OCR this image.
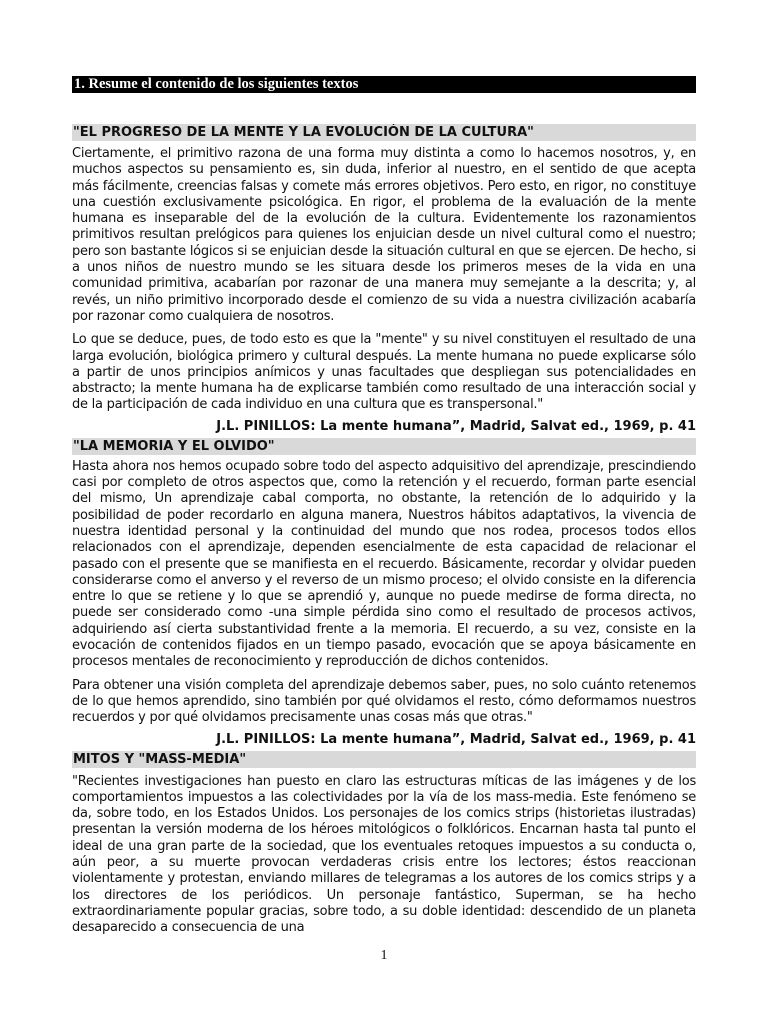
1. Resume el contenido de los siguientes textos
"EL PROGRESO DE LA MENTE Y LA EVOLUCIÓN DE LA CULTURA"

Ciertamente, el primitivo razona de una forma muy distinta a como lo hacemos nosotros, y, en muchos aspectos su pensamiento es, sin duda, inferior al nuestro, en el sentido de que acepta más fácilmente, creencias falsas y comete más errores objetivos. Pero esto, en rigor, no constituye una cuestión exclusivamente psicológica. En rigor, el problema de la evaluación de la mente humana es inseparable del de la evolución de la cultura. Evidentemente los razonamientos primitivos resultan prelógicos para quienes los enjuician desde un nivel cultural como el nuestro; pero son bastante lógicos si se enjuician desde la situación cultural en que se ejercen. De hecho, si a unos niños de nuestro mundo se les situara desde los primeros meses de la vida en una comunidad primitiva, acabarían por razonar de una manera muy semejante a la descrita; y, al revés, un niño primitivo incorporado desde el comienzo de su vida a nuestra civilización acabaría por razonar como cualquiera de nosotros.

Lo que se deduce, pues, de todo esto es que la "mente" y su nivel constituyen el resultado de una larga evolución, biológica primero y cultural después. La mente humana no puede explicarse sólo a partir de unos principios anímicos y unas facultades que despliegan sus potencialidades en abstracto; la mente humana ha de explicarse también como resultado de una interacción social y de la participación de cada individuo en una cultura que es transpersonal."

J.L. PINILLOS: La mente humana”, Madrid, Salvat ed., 1969, p. 41

"LA MEMORIA Y EL OLVIDO"

Hasta ahora nos hemos ocupado sobre todo del aspecto adquisitivo del aprendizaje, prescindiendo casi por completo de otros aspectos que, como la retención y el recuerdo, forman parte esencial del mismo, Un aprendizaje cabal comporta, no obstante, la retención de lo adquirido y la posibilidad de poder recordarlo en alguna manera, Nuestros hábitos adaptativos, la vivencia de nuestra identidad personal y la continuidad del mundo que nos rodea, procesos todos ellos relacionados con el aprendizaje, dependen esencialmente de esta capacidad de relacionar el pasado con el presente que se manifiesta en el recuerdo. Básicamente, recordar y olvidar pueden considerarse como el anverso y el reverso de un mismo proceso; el olvido consiste en la diferencia entre lo que se retiene y lo que se aprendió y, aunque no puede medirse de forma directa, no puede ser considerado como -una simple pérdida sino como el resultado de procesos activos, adquiriendo así cierta substantividad frente a la memoria. El recuerdo, a su vez, consiste en la evocación de contenidos fijados en un tiempo pasado, evocación que se apoya básicamente en procesos mentales de reconocimiento y reproducción de dichos contenidos.

Para obtener una visión completa del aprendizaje debemos saber, pues, no solo cuánto retenemos de lo que hemos aprendido, sino también por qué olvidamos el resto, cómo deformamos nuestros recuerdos y por qué olvidamos precisamente unas cosas más que otras."

J.L. PINILLOS: La mente humana”, Madrid, Salvat ed., 1969, p. 41

MITOS Y "MASS-MEDIA"

"Recientes investigaciones han puesto en claro las estructuras míticas de las imágenes y de los comportamientos impuestos a las colectividades por la vía de los mass-media. Este fenómeno se da, sobre todo, en los Estados Unidos. Los personajes de los comics strips (historietas ilustradas) presentan la versión moderna de los héroes mitológicos o folklóricos. Encarnan hasta tal punto el ideal de una gran parte de la sociedad, que los eventuales retoques impuestos a su conducta o, aún peor, a su muerte provocan verdaderas crisis entre los lectores; éstos reaccionan violentamente y protestan, enviando millares de telegramas a los autores de los comics strips y a los directores de los periódicos. Un personaje fantástico, Superman, se ha hecho extraordinariamente popular gracias, sobre todo, a su doble identidad: descendido de un planeta desaparecido a consecuencia de una

1
